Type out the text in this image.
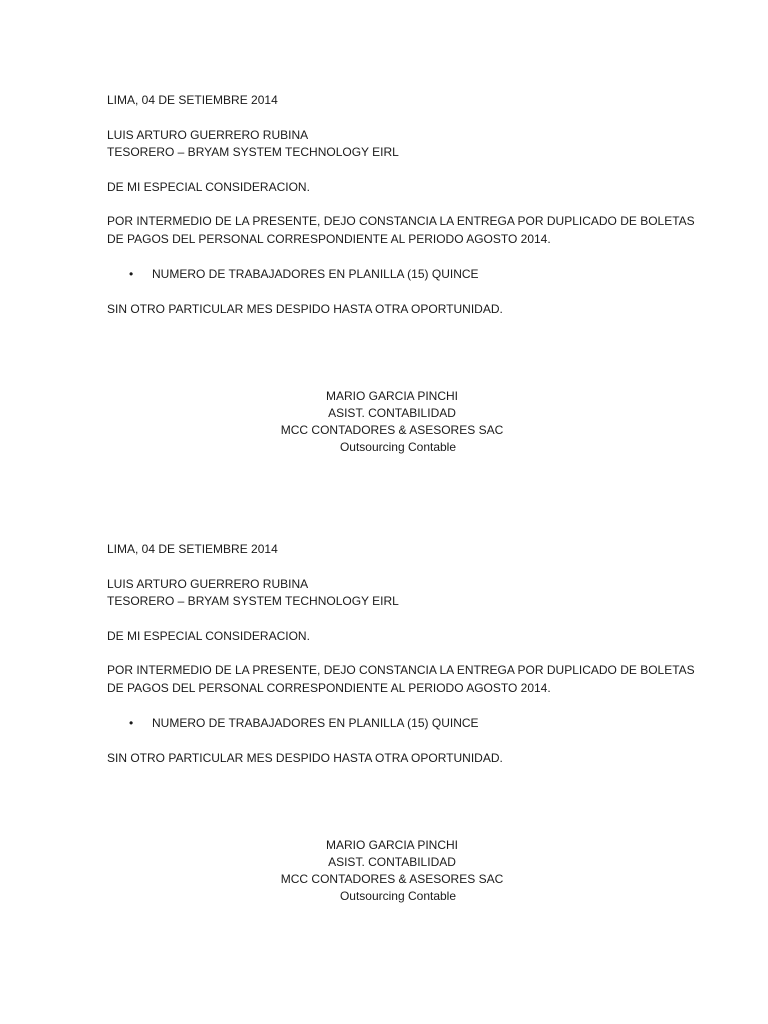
LIMA, 04 DE SETIEMBRE 2014
LUIS ARTURO GUERRERO RUBINA
TESORERO – BRYAM SYSTEM TECHNOLOGY EIRL
DE MI ESPECIAL CONSIDERACION.
POR INTERMEDIO DE LA PRESENTE, DEJO CONSTANCIA LA ENTREGA POR DUPLICADO DE BOLETAS
DE PAGOS DEL PERSONAL CORRESPONDIENTE AL PERIODO AGOSTO 2014.
• NUMERO DE TRABAJADORES EN PLANILLA (15) QUINCE
SIN OTRO PARTICULAR MES DESPIDO HASTA OTRA OPORTUNIDAD.
MARIO GARCIA PINCHI
ASIST. CONTABILIDAD
MCC CONTADORES & ASESORES SAC
Outsourcing Contable
LIMA, 04 DE SETIEMBRE 2014
LUIS ARTURO GUERRERO RUBINA
TESORERO – BRYAM SYSTEM TECHNOLOGY EIRL
DE MI ESPECIAL CONSIDERACION.
POR INTERMEDIO DE LA PRESENTE, DEJO CONSTANCIA LA ENTREGA POR DUPLICADO DE BOLETAS
DE PAGOS DEL PERSONAL CORRESPONDIENTE AL PERIODO AGOSTO 2014.
• NUMERO DE TRABAJADORES EN PLANILLA (15) QUINCE
SIN OTRO PARTICULAR MES DESPIDO HASTA OTRA OPORTUNIDAD.
MARIO GARCIA PINCHI
ASIST. CONTABILIDAD
MCC CONTADORES & ASESORES SAC
Outsourcing Contable
